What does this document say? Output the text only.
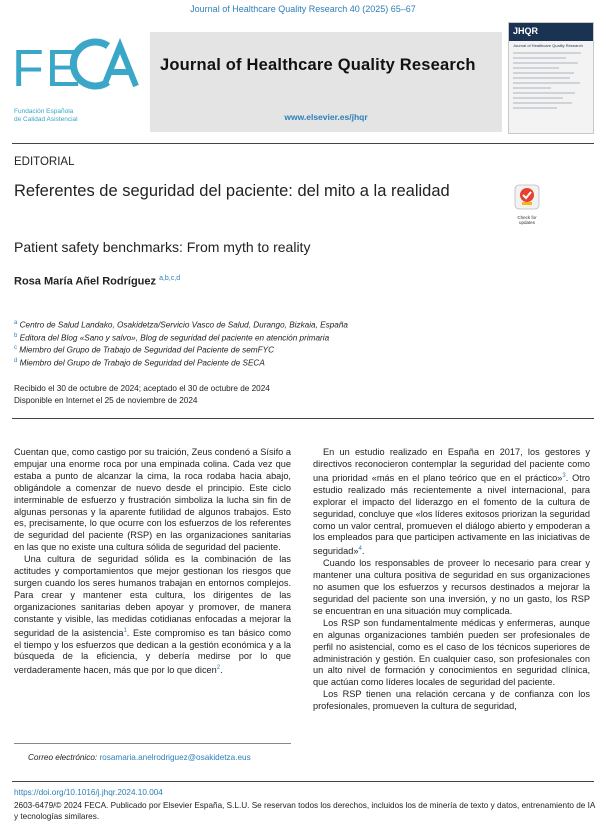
Journal of Healthcare Quality Research 40 (2025) 65–67
FE
Fundación Española
de Calidad Asistencial
Journal of Healthcare Quality Research
www.elsevier.es/jhqr
JHQR
Journal of Healthcare Quality Research
EDITORIAL
Referentes de seguridad del paciente: del mito a la realidad
Check for updates
Patient safety benchmarks: From myth to reality
Rosa María Añel Rodríguez $^{a,b,c,d}$
$^a$ Centro de Salud Landako, Osakidetza/Servicio Vasco de Salud, Durango, Bizkaia, España
$^b$ Editora del Blog «Sano y salvo», Blog de seguridad del paciente en atención primaria
$^c$ Miembro del Grupo de Trabajo de Seguridad del Paciente de semFYC
$^d$ Miembro del Grupo de Trabajo de Seguridad del Paciente de SECA
Recibido el 30 de octubre de 2024; aceptado el 30 de octubre de 2024
Disponible en Internet el 25 de noviembre de 2024

Cuentan que, como castigo por su traición, Zeus condenó a Sísifo a empujar una enorme roca por una empinada colina. Cada vez que estaba a punto de alcanzar la cima, la roca rodaba hacia abajo, obligándole a comenzar de nuevo desde el principio. Este ciclo interminable de esfuerzo y frustración simboliza la lucha sin fin de algunas personas y la aparente futilidad de algunos trabajos. Esto es, precisamente, lo que ocurre con los esfuerzos de los referentes de seguridad del paciente (RSP) en las organizaciones sanitarias en las que no existe una cultura sólida de seguridad del paciente.

Una cultura de seguridad sólida es la combinación de las actitudes y comportamientos que mejor gestionan los riesgos que surgen cuando los seres humanos trabajan en entornos complejos. Para crear y mantener esta cultura, los dirigentes de las organizaciones sanitarias deben apoyar y promover, de manera constante y visible, las medidas cotidianas enfocadas a mejorar la seguridad de la asistencia$^1$. Este compromiso es tan básico como el tiempo y los esfuerzos que dedican a la gestión económica y a la búsqueda de la eficiencia, y debería medirse por lo que verdaderamente hacen, más que por lo que dicen$^2$.

En un estudio realizado en España en 2017, los gestores y directivos reconocieron contemplar la seguridad del paciente como una prioridad «más en el plano teórico que en el práctico»$^3$. Otro estudio realizado más recientemente a nivel internacional, para explorar el impacto del liderazgo en el fomento de la cultura de seguridad, concluye que «los líderes exitosos priorizan la seguridad como un valor central, promueven el diálogo abierto y empoderan a los empleados para que participen activamente en las iniciativas de seguridad»$^4$.

Cuando los responsables de proveer lo necesario para crear y mantener una cultura positiva de seguridad en sus organizaciones no asumen que los esfuerzos y recursos destinados a mejorar la seguridad del paciente son una inversión, y no un gasto, los RSP se encuentran en una situación muy complicada.

Los RSP son fundamentalmente médicas y enfermeras, aunque en algunas organizaciones también pueden ser profesionales de perfil no asistencial, como es el caso de los técnicos superiores de administración y gestión. En cualquier caso, son profesionales con un alto nivel de formación y conocimientos en seguridad clínica, que actúan como líderes locales de seguridad del paciente.

Los RSP tienen una relación cercana y de confianza con los profesionales, promueven la cultura de seguridad,

Correo electrónico: rosamaria.anelrodriguez@osakidetza.eus
https://doi.org/10.1016/j.jhqr.2024.10.004
2603-6479/© 2024 FECA. Publicado por Elsevier España, S.L.U. Se reservan todos los derechos, incluidos los de minería de texto y datos, entrenamiento de IA y tecnologías similares.
